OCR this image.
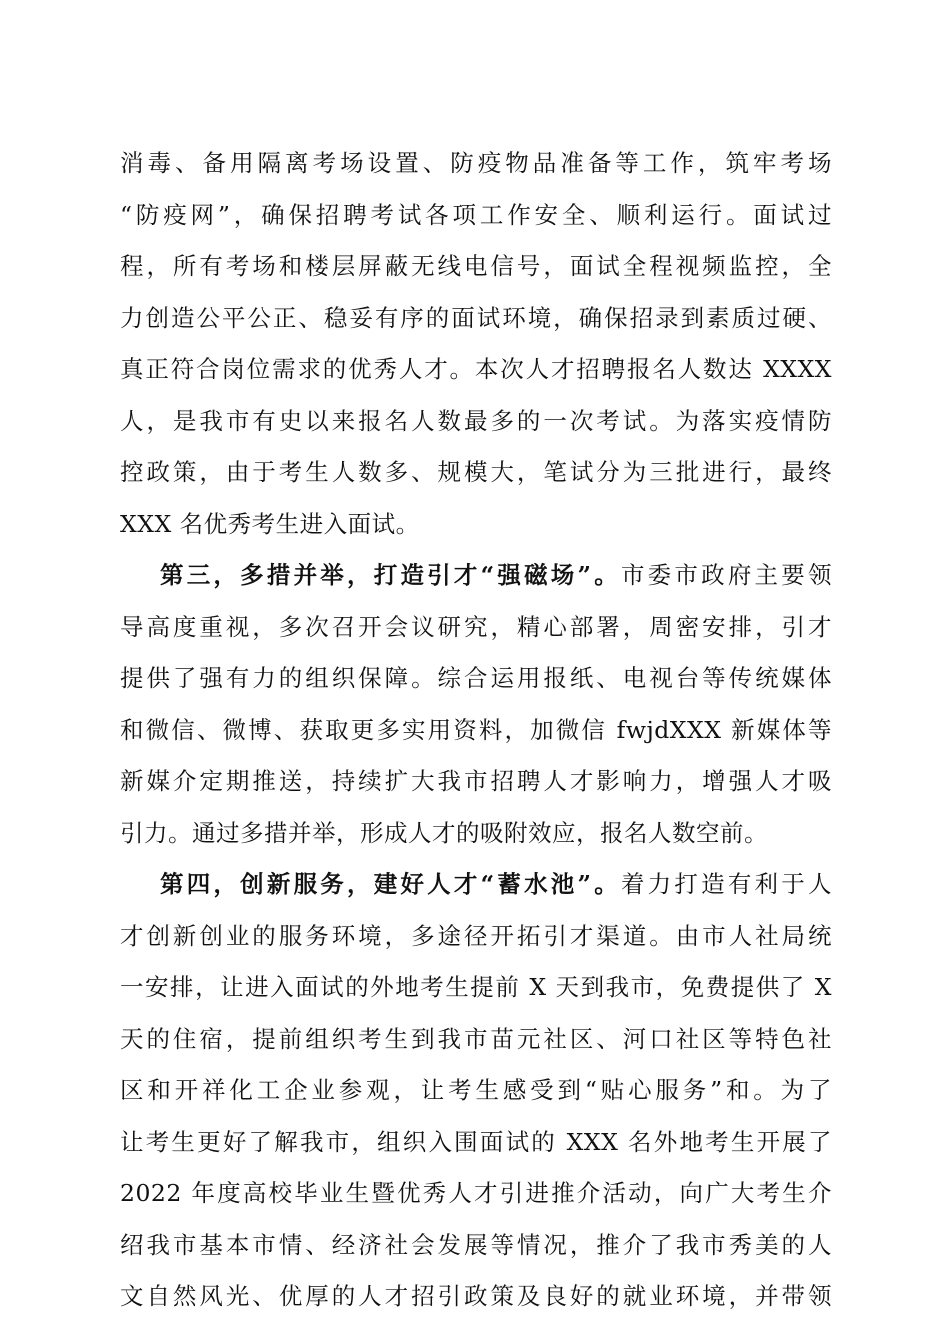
消毒、备用隔离考场设置、防疫物品准备等工作，筑牢考场
“防疫网”，确保招聘考试各项工作安全、顺利运行。面试过
程，所有考场和楼层屏蔽无线电信号，面试全程视频监控，全
力创造公平公正、稳妥有序的面试环境，确保招录到素质过硬、
真正符合岗位需求的优秀人才。本次人才招聘报名人数达 XXXX
人，是我市有史以来报名人数最多的一次考试。为落实疫情防
控政策，由于考生人数多、规模大，笔试分为三批进行，最终
XXX 名优秀考生进入面试。
第三，多措并举，打造引才“强磁场”。市委市政府主要领
导高度重视，多次召开会议研究，精心部署，周密安排，引才
提供了强有力的组织保障。综合运用报纸、电视台等传统媒体
和微信、微博、获取更多实用资料，加微信 fwjdXXX 新媒体等
新媒介定期推送，持续扩大我市招聘人才影响力，增强人才吸
引力。通过多措并举，形成人才的吸附效应，报名人数空前。
第四，创新服务，建好人才“蓄水池”。着力打造有利于人
才创新创业的服务环境，多途径开拓引才渠道。由市人社局统
一安排，让进入面试的外地考生提前 X 天到我市，免费提供了 X
天的住宿，提前组织考生到我市苗元社区、河口社区等特色社
区和开祥化工企业参观，让考生感受到“贴心服务”和。为了
让考生更好了解我市，组织入围面试的 XXX 名外地考生开展了
2022 年度高校毕业生暨优秀人才引进推介活动，向广大考生介
绍我市基本市情、经济社会发展等情况，推介了我市秀美的人
文自然风光、优厚的人才招引政策及良好的就业环境，并带领
